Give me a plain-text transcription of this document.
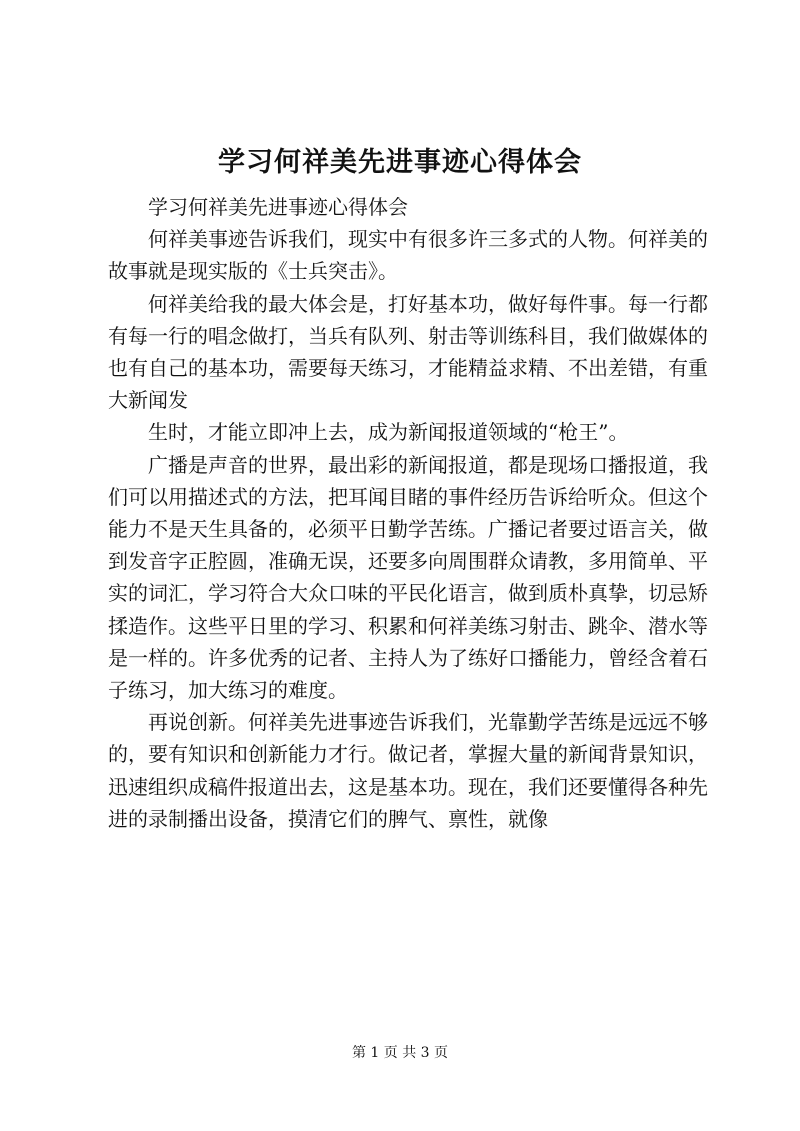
学习何祥美先进事迹心得体会

学习何祥美先进事迹心得体会

何祥美事迹告诉我们，现实中有很多许三多式的人物。何祥美的故事就是现实版的《士兵突击》。

何祥美给我的最大体会是，打好基本功，做好每件事。每一行都有每一行的唱念做打，当兵有队列、射击等训练科目，我们做媒体的也有自己的基本功，需要每天练习，才能精益求精、不出差错，有重大新闻发

生时，才能立即冲上去，成为新闻报道领域的“枪王”。

广播是声音的世界，最出彩的新闻报道，都是现场口播报道，我们可以用描述式的方法，把耳闻目睹的事件经历告诉给听众。但这个能力不是天生具备的，必须平日勤学苦练。广播记者要过语言关，做到发音字正腔圆，准确无误，还要多向周围群众请教，多用简单、平实的词汇，学习符合大众口味的平民化语言，做到质朴真挚，切忌矫揉造作。这些平日里的学习、积累和何祥美练习射击、跳伞、潜水等是一样的。许多优秀的记者、主持人为了练好口播能力，曾经含着石子练习，加大练习的难度。

再说创新。何祥美先进事迹告诉我们，光靠勤学苦练是远远不够的，要有知识和创新能力才行。做记者，掌握大量的新闻背景知识，迅速组织成稿件报道出去，这是基本功。现在，我们还要懂得各种先进的录制播出设备，摸清它们的脾气、禀性，就像

第 1 页 共 3 页
